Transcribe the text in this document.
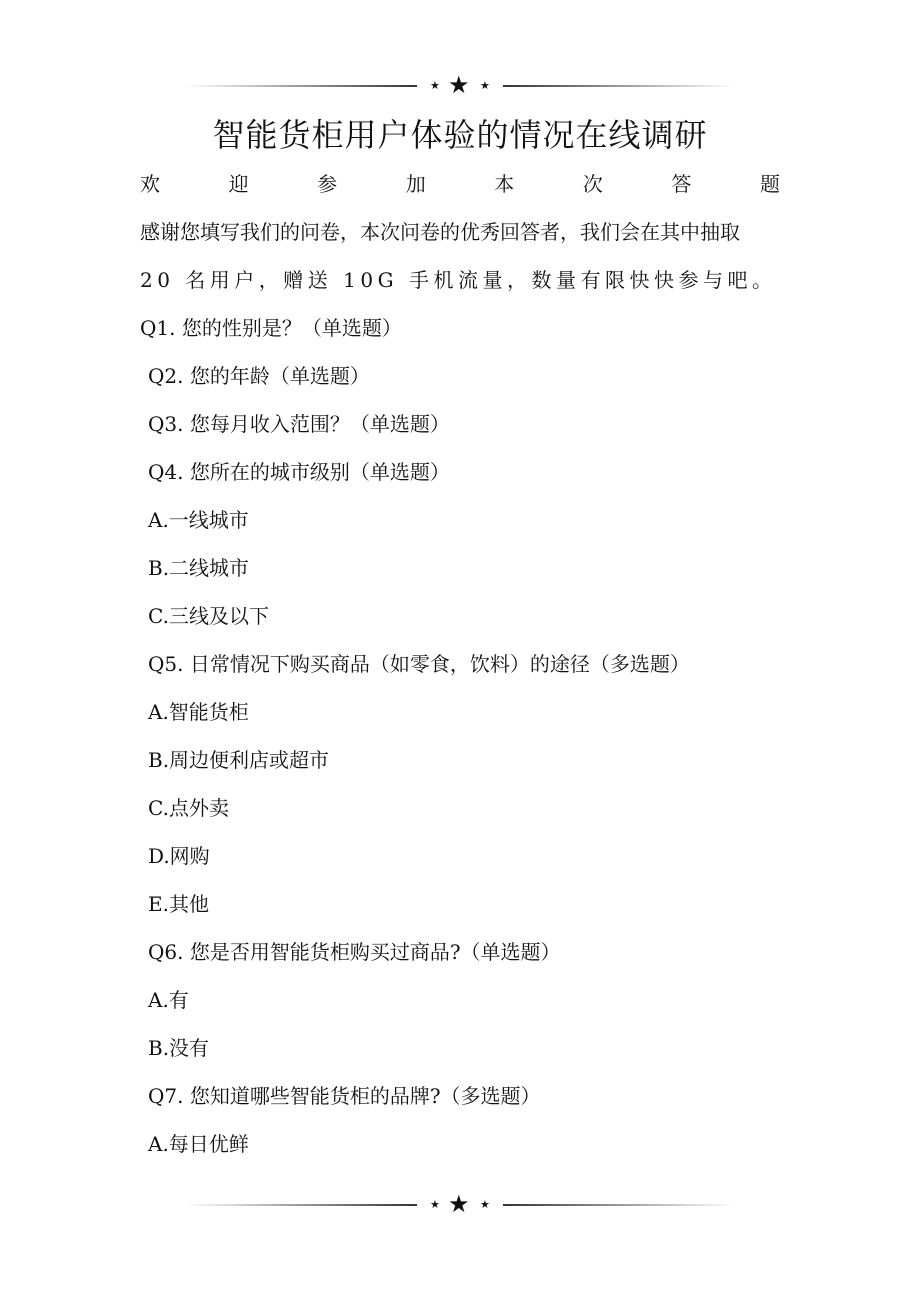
★ ★ ★
智能货柜用户体验的情况在线调研
欢	迎	参	加	本	次	答	题
感谢您填写我们的问卷，本次问卷的优秀回答者，我们会在其中抽取
20 名用户，赠送 10G 手机流量，数量有限快快参与吧。
Q1. 您的性别是？（单选题）
Q2. 您的年龄（单选题）
Q3. 您每月收入范围？（单选题）
Q4. 您所在的城市级别（单选题）
A.一线城市
B.二线城市
C.三线及以下
Q5. 日常情况下购买商品（如零食，饮料）的途径（多选题）
A.智能货柜
B.周边便利店或超市
C.点外卖
D.网购
E.其他
Q6. 您是否用智能货柜购买过商品?（单选题）
A.有
B.没有
Q7. 您知道哪些智能货柜的品牌?（多选题）
A.每日优鲜
★ ★ ★
